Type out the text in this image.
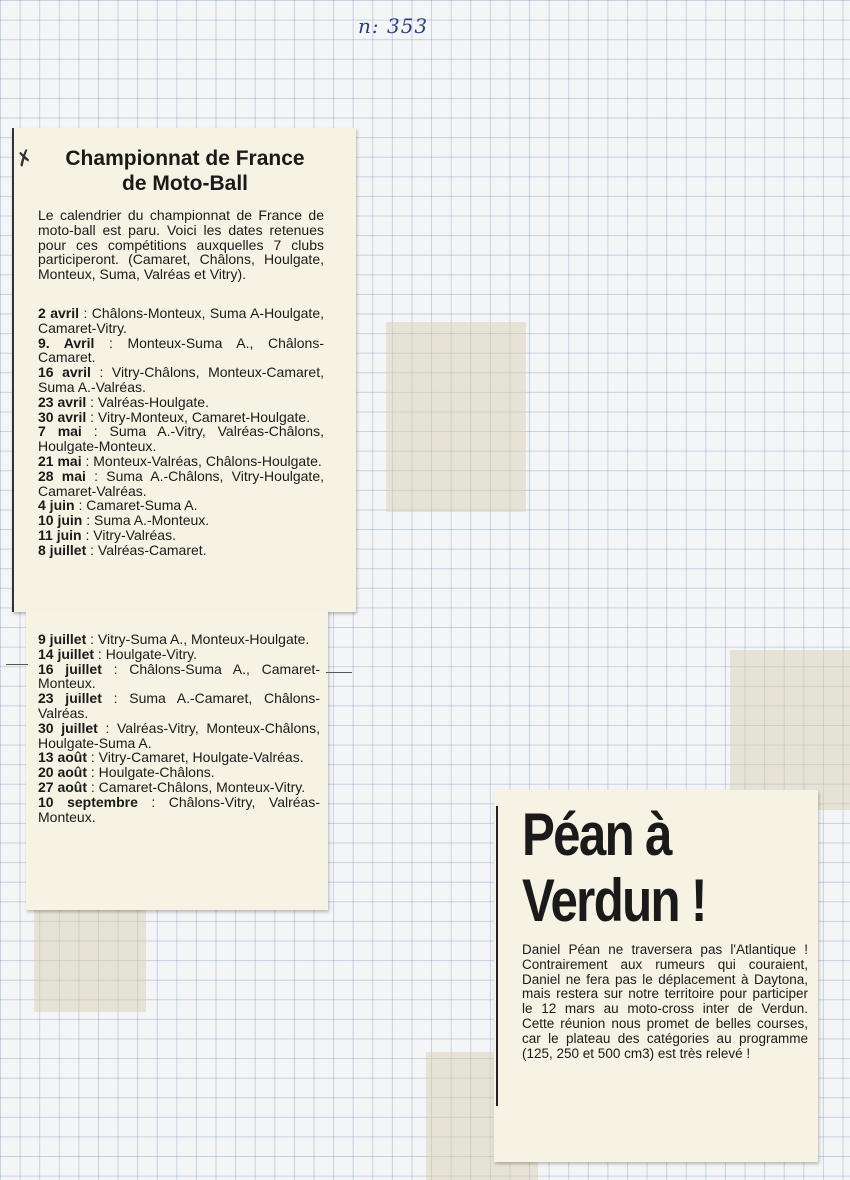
n: 353
✗	Championnat de France
de Moto-Ball
Le calendrier du championnat de France de moto-ball est paru. Voici les dates retenues pour ces compétitions auxquelles 7 clubs participeront. (Camaret, Châlons, Houlgate, Monteux, Suma, Valréas et Vitry).
2 avril : Châlons-Monteux, Suma A-Houlgate, Camaret-Vitry.
9. Avril : Monteux-Suma A., Châlons-Camaret.
16 avril : Vitry-Châlons, Monteux-Camaret, Suma A.-Valréas.
23 avril : Valréas-Houlgate.
30 avril : Vitry-Monteux, Camaret-Houlgate.
7 mai : Suma A.-Vitry, Valréas-Châlons, Houlgate-Monteux.
21 mai : Monteux-Valréas, Châlons-Houlgate.
28 mai : Suma A.-Châlons, Vitry-Houlgate, Camaret-Valréas.
4 juin : Camaret-Suma A.
10 juin : Suma A.-Monteux.
11 juin : Vitry-Valréas.
8 juillet : Valréas-Camaret.
9 juillet : Vitry-Suma A., Monteux-Houlgate.
14 juillet : Houlgate-Vitry.
16 juillet : Châlons-Suma A., Camaret-Monteux.
23 juillet : Suma A.-Camaret, Châlons-Valréas.
30 juillet : Valréas-Vitry, Monteux-Châlons, Houlgate-Suma A.
13 août : Vitry-Camaret, Houlgate-Valréas.
20 août : Houlgate-Châlons.
27 août : Camaret-Châlons, Monteux-Vitry.
10 septembre : Châlons-Vitry, Valréas-Monteux.	Péan à
Verdun !
Daniel Péan ne traversera pas l'Atlantique ! Contrairement aux rumeurs qui couraient, Daniel ne fera pas le déplacement à Daytona, mais restera sur notre territoire pour participer le 12 mars au moto-cross inter de Verdun. Cette réunion nous promet de belles courses, car le plateau des catégories au programme (125, 250 et 500 cm3) est très relevé !
